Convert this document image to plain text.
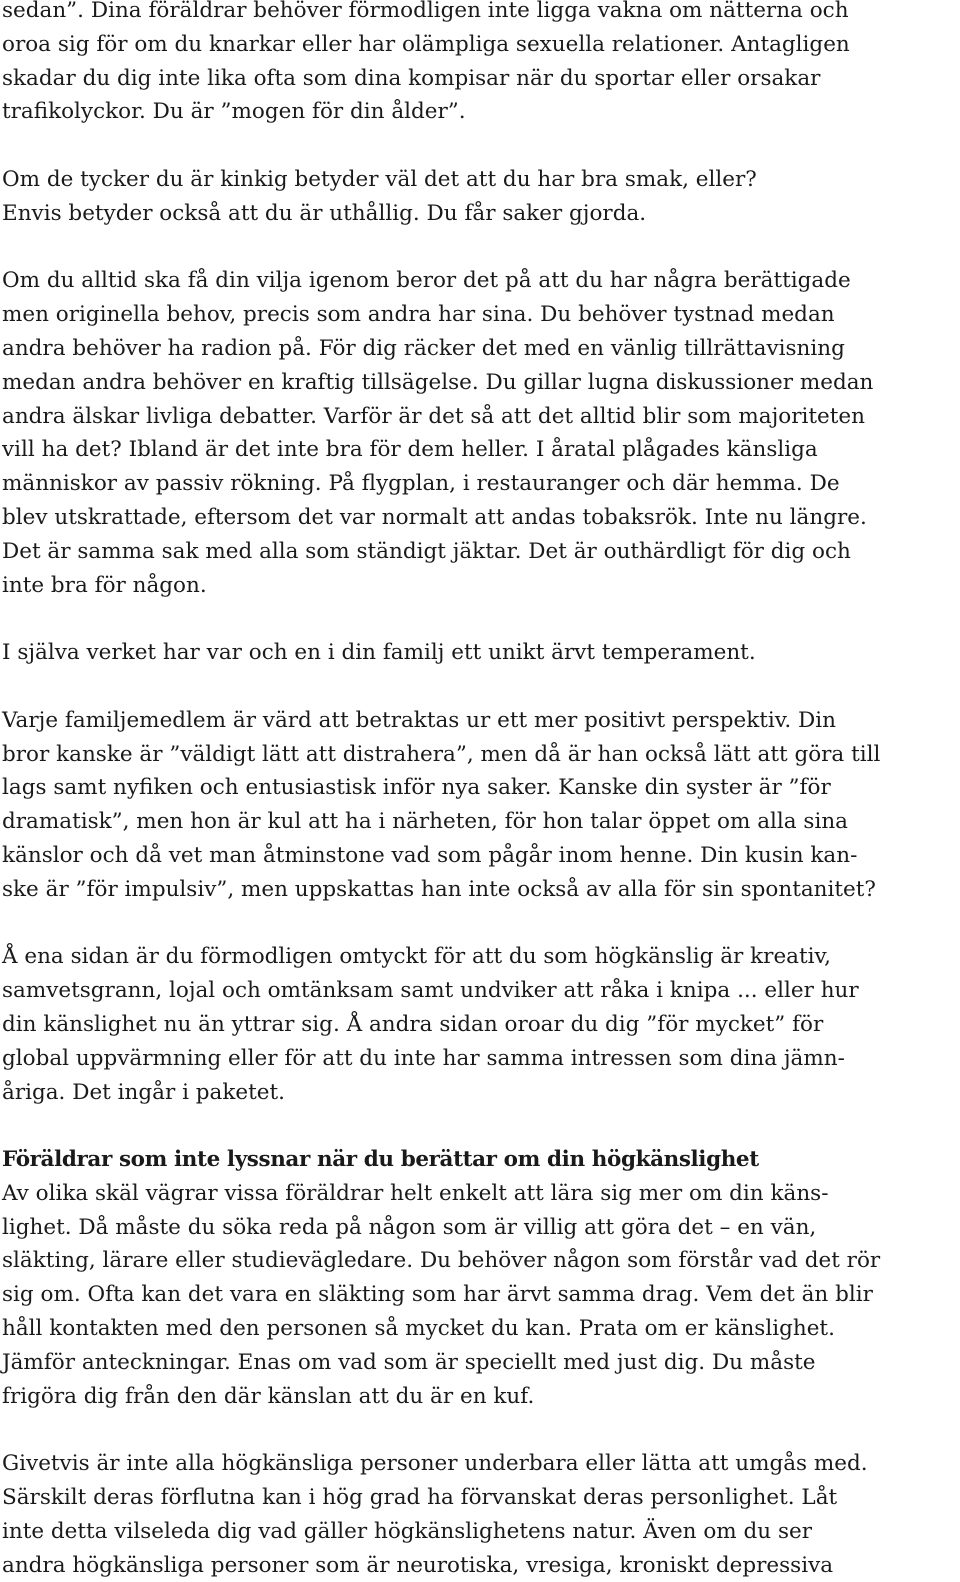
sedan”. Dina föräldrar behöver förmodligen inte ligga vakna om nätterna och
oroa sig för om du knarkar eller har olämpliga sexuella relationer. Antagligen
skadar du dig inte lika ofta som dina kompisar när du sportar eller orsakar
trafikolyckor. Du är ”mogen för din ålder”.
Om de tycker du är kinkig betyder väl det att du har bra smak, eller?
Envis betyder också att du är uthållig. Du får saker gjorda.
Om du alltid ska få din vilja igenom beror det på att du har några berättigade
men originella behov, precis som andra har sina. Du behöver tystnad medan
andra behöver ha radion på. För dig räcker det med en vänlig tillrättavisning
medan andra behöver en kraftig tillsägelse. Du gillar lugna diskussioner medan
andra älskar livliga debatter. Varför är det så att det alltid blir som majoriteten
vill ha det? Ibland är det inte bra för dem heller. I åratal plågades känsliga
människor av passiv rökning. På flygplan, i restauranger och där hemma. De
blev utskrattade, eftersom det var normalt att andas tobaksrök. Inte nu längre.
Det är samma sak med alla som ständigt jäktar. Det är outhärdligt för dig och
inte bra för någon.
I själva verket har var och en i din familj ett unikt ärvt temperament.
Varje familjemedlem är värd att betraktas ur ett mer positivt perspektiv. Din
bror kanske är ”väldigt lätt att distrahera”, men då är han också lätt att göra till
lags samt nyfiken och entusiastisk inför nya saker. Kanske din syster är ”för
dramatisk”, men hon är kul att ha i närheten, för hon talar öppet om alla sina
känslor och då vet man åtminstone vad som pågår inom henne. Din kusin kan-
ske är ”för impulsiv”, men uppskattas han inte också av alla för sin spontanitet?
Å ena sidan är du förmodligen omtyckt för att du som högkänslig är kreativ,
samvetsgrann, lojal och omtänksam samt undviker att råka i knipa ... eller hur
din känslighet nu än yttrar sig. Å andra sidan oroar du dig ”för mycket” för
global uppvärmning eller för att du inte har samma intressen som dina jämn-
åriga. Det ingår i paketet.
Föräldrar som inte lyssnar när du berättar om din högkänslighet
Av olika skäl vägrar vissa föräldrar helt enkelt att lära sig mer om din käns-
lighet. Då måste du söka reda på någon som är villig att göra det – en vän,
släkting, lärare eller studievägledare. Du behöver någon som förstår vad det rör
sig om. Ofta kan det vara en släkting som har ärvt samma drag. Vem det än blir
håll kontakten med den personen så mycket du kan. Prata om er känslighet.
Jämför anteckningar. Enas om vad som är speciellt med just dig. Du måste
frigöra dig från den där känslan att du är en kuf.
Givetvis är inte alla högkänsliga personer underbara eller lätta att umgås med.
Särskilt deras förflutna kan i hög grad ha förvanskat deras personlighet. Låt
inte detta vilseleda dig vad gäller högkänslighetens natur. Även om du ser
andra högkänsliga personer som är neurotiska, vresiga, kroniskt depressiva
